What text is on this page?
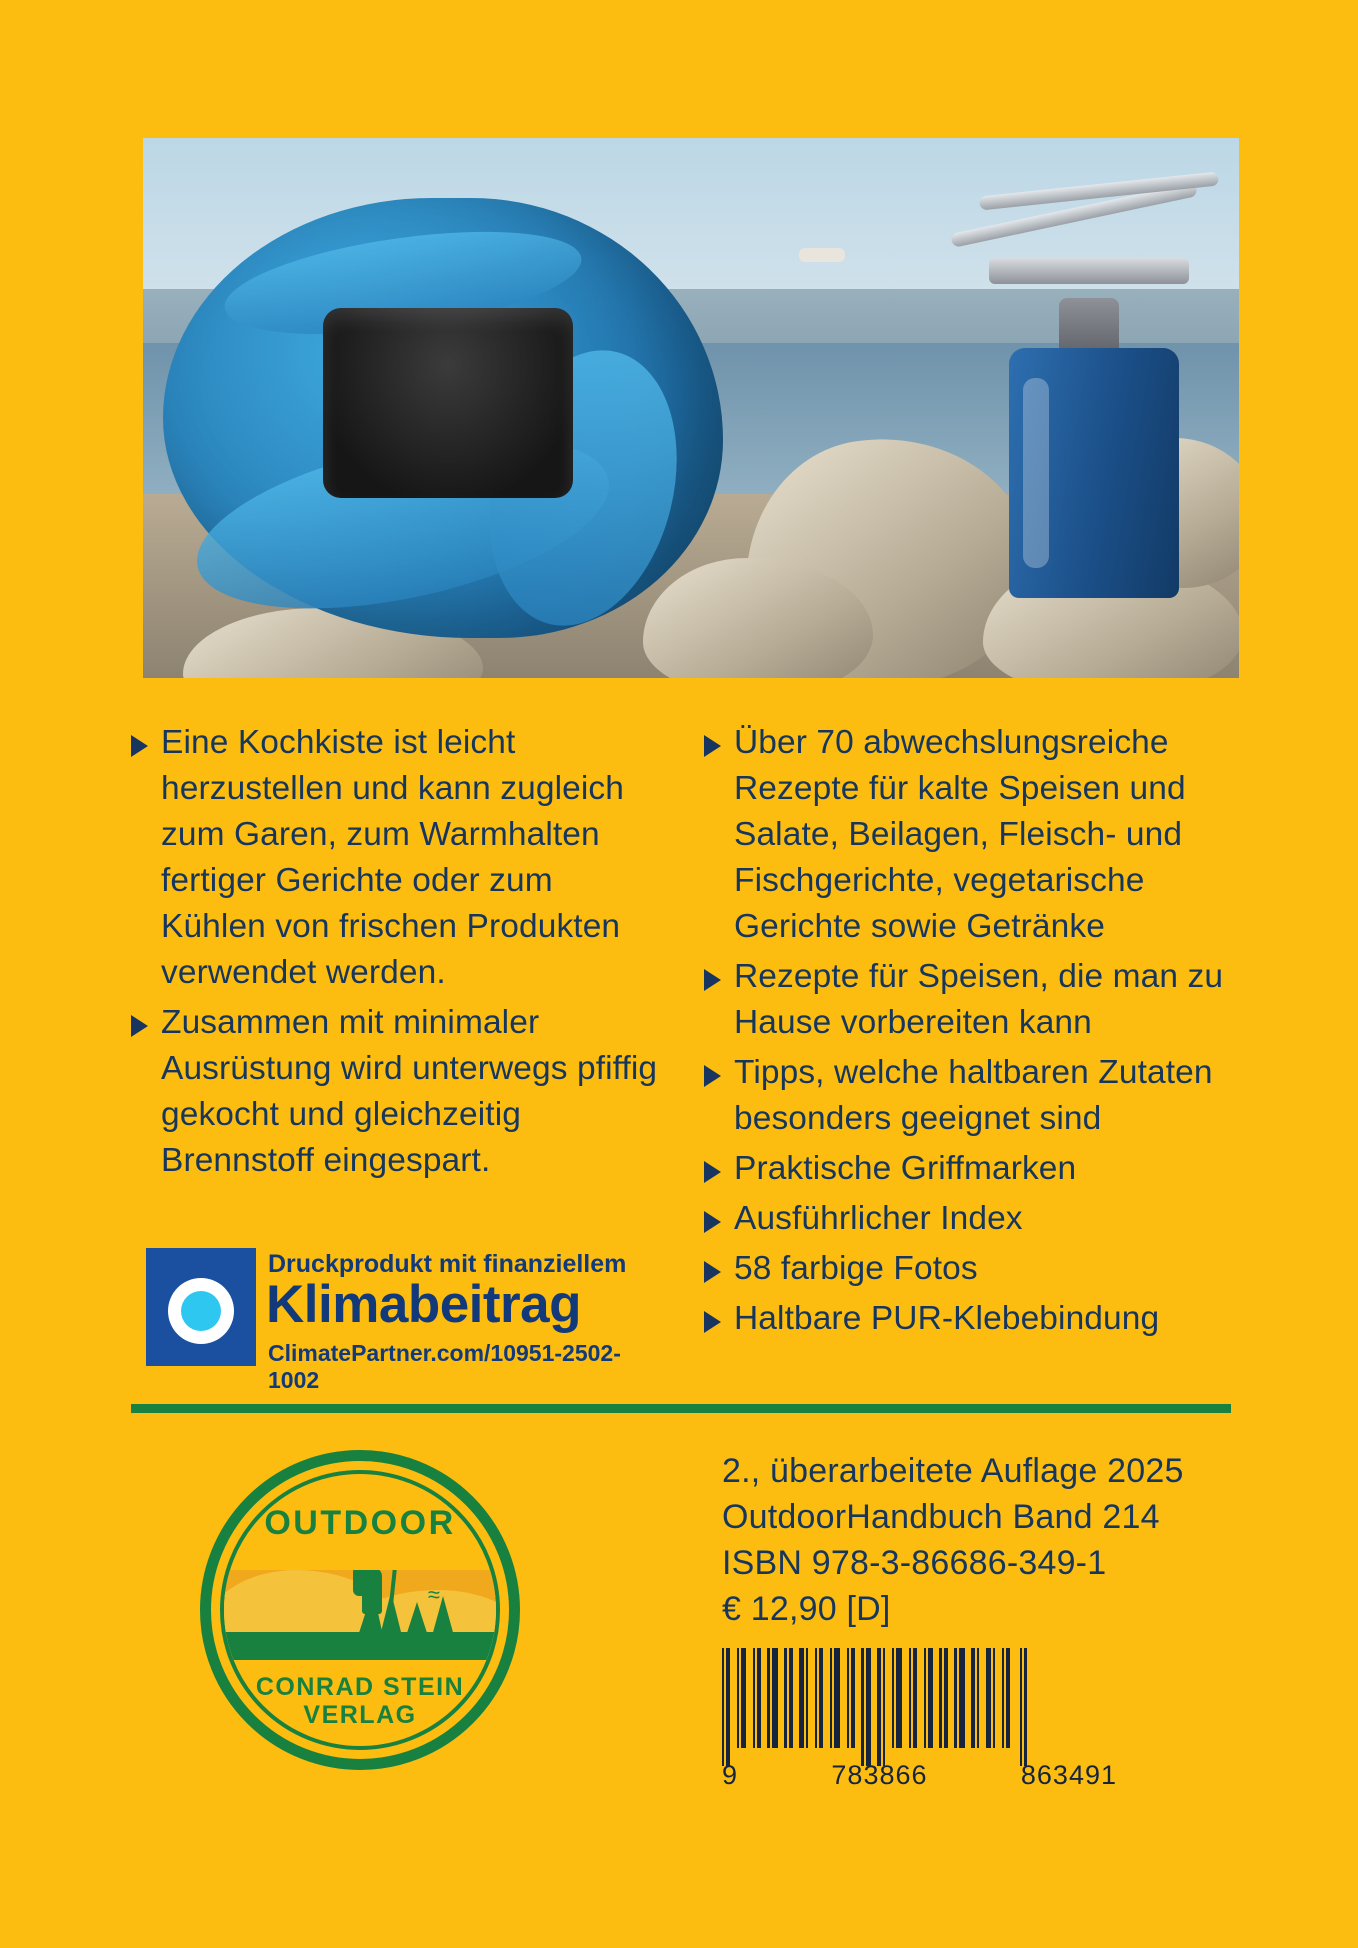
Eine Kochkiste ist leicht herzustellen und kann zugleich zum Garen, zum Warmhalten fertiger Gerichte oder zum Kühlen von frischen Produkten verwendet werden.
Zusammen mit minimaler Ausrüstung wird unterwegs pfiffig gekocht und gleichzeitig Brennstoff eingespart.
Über 70 abwechslungsreiche Rezepte für kalte Speisen und Salate, Beilagen, Fleisch- und Fischgerichte, vegetarische Gerichte sowie Getränke
Rezepte für Speisen, die man zu Hause vorbereiten kann
Tipps, welche haltbaren Zutaten besonders geeignet sind
Praktische Griffmarken
Ausführlicher Index
58 farbige Fotos
Haltbare PUR-Klebebindung
Druckprodukt mit finanziellem
Klimabeitrag
ClimatePartner.com/10951-2502-1002
OUTDOOR
≈
CONRAD STEIN
VERLAG
2., überarbeitete Auflage 2025
OutdoorHandbuch Band 214
ISBN 978-3-86686-349-1
€ 12,90 [D]
9	783866	863491
